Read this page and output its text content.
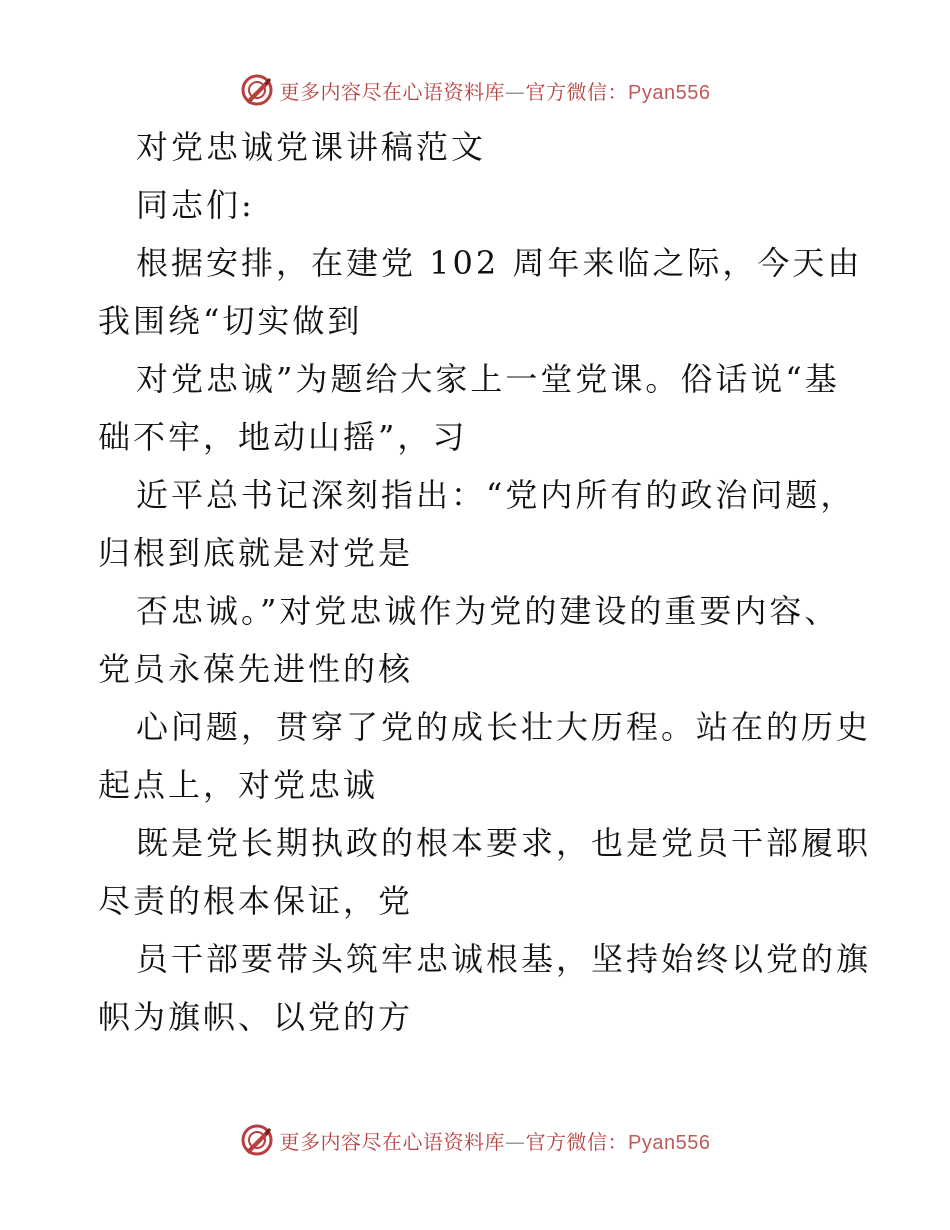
更多内容尽在心语资料库—官方微信：Pyan556

对党忠诚党课讲稿范文

同志们:

根据安排，在建党 102 周年来临之际，今天由

我围绕“切实做到

对党忠诚”为题给大家上一堂党课。俗话说“基

础不牢，地动山摇”，习

近平总书记深刻指出：“党内所有的政治问题，

归根到底就是对党是

否忠诚。”对党忠诚作为党的建设的重要内容、

党员永葆先进性的核

心问题，贯穿了党的成长壮大历程。站在的历史

起点上，对党忠诚

既是党长期执政的根本要求，也是党员干部履职

尽责的根本保证，党

员干部要带头筑牢忠诚根基，坚持始终以党的旗

帜为旗帜、以党的方

更多内容尽在心语资料库—官方微信：Pyan556
